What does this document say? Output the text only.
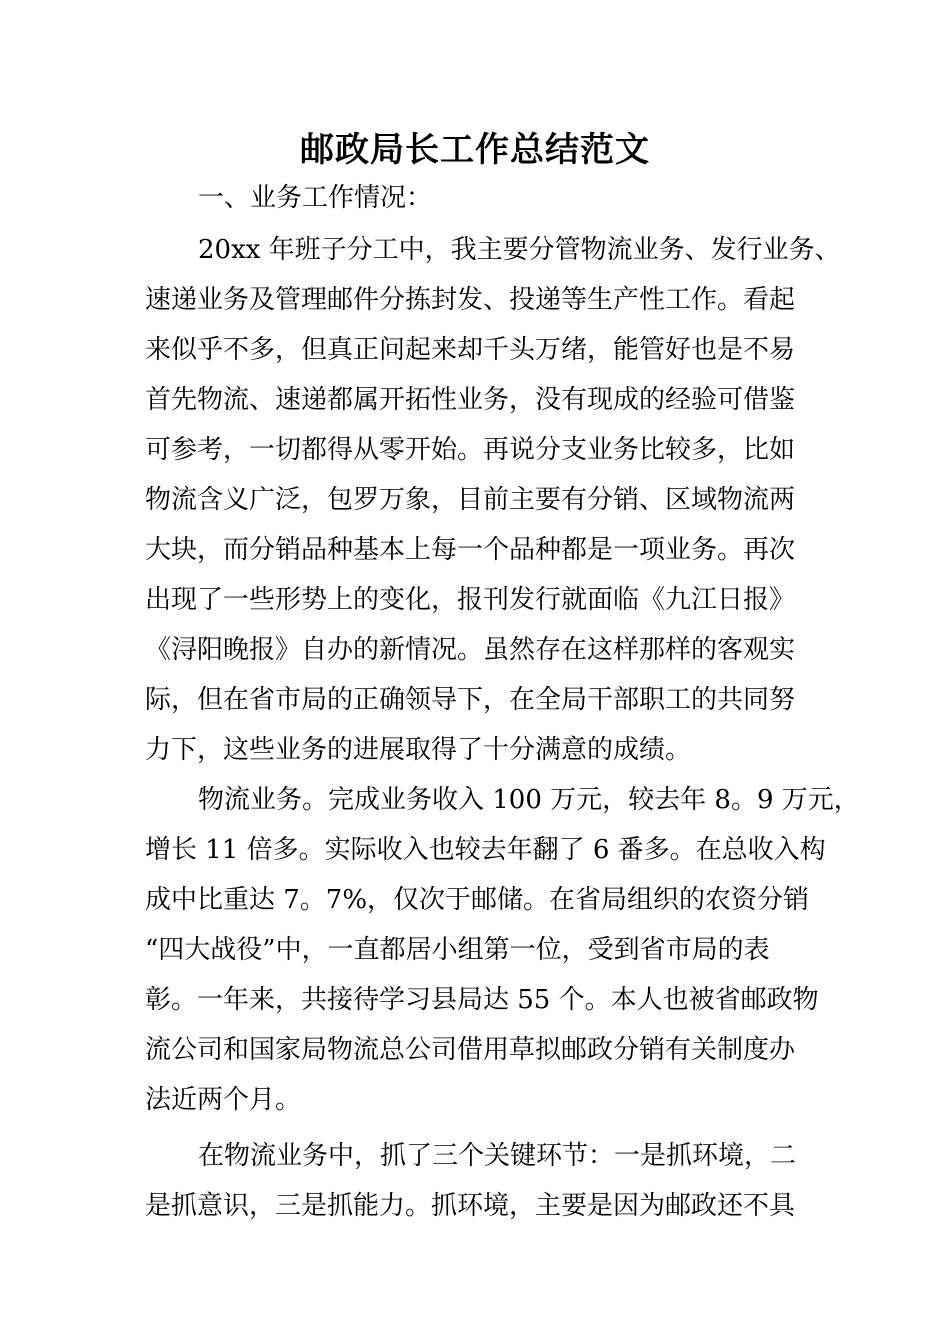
邮政局长工作总结范文
一、业务工作情况：
20xx 年班子分工中，我主要分管物流业务、发行业务、
速递业务及管理邮件分拣封发、投递等生产性工作。看起
来似乎不多，但真正问起来却千头万绪，能管好也是不易
首先物流、速递都属开拓性业务，没有现成的经验可借鉴
可参考，一切都得从零开始。再说分支业务比较多，比如
物流含义广泛，包罗万象，目前主要有分销、区域物流两
大块，而分销品种基本上每一个品种都是一项业务。再次
出现了一些形势上的变化，报刊发行就面临《九江日报》
《浔阳晚报》自办的新情况。虽然存在这样那样的客观实
际，但在省市局的正确领导下，在全局干部职工的共同努
力下，这些业务的进展取得了十分满意的成绩。
物流业务。完成业务收入 100 万元，较去年 8。9 万元，
增长 11 倍多。实际收入也较去年翻了 6 番多。在总收入构
成中比重达 7。7%，仅次于邮储。在省局组织的农资分销
“四大战役”中，一直都居小组第一位，受到省市局的表
彰。一年来，共接待学习县局达 55 个。本人也被省邮政物
流公司和国家局物流总公司借用草拟邮政分销有关制度办
法近两个月。
在物流业务中，抓了三个关键环节：一是抓环境，二
是抓意识，三是抓能力。抓环境，主要是因为邮政还不具
